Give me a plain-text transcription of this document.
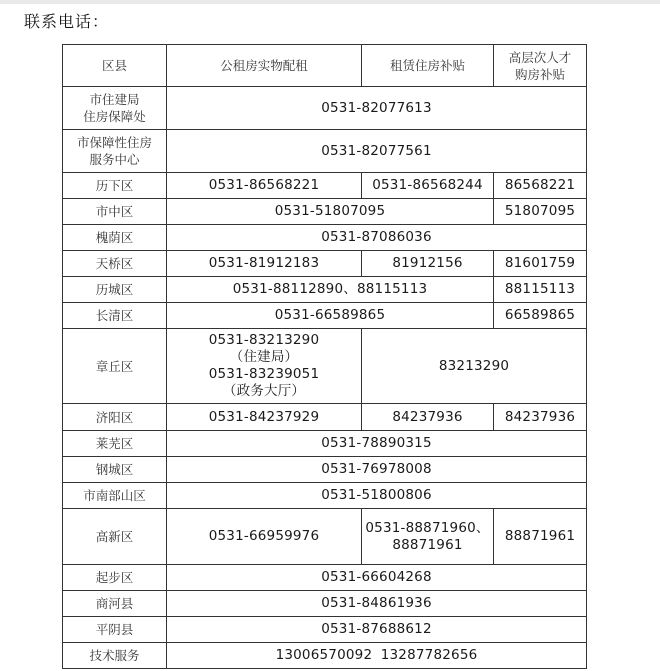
联系电话：
区县	公租房实物配租	租赁住房补贴	高层次人才
购房补贴
市住建局
住房保障处	0531-82077613		
市保障性住房
服务中心	0531-82077561		
历下区	0531-86568221	0531-86568244	86568221
市中区	0531-51807095		51807095
槐荫区	0531-87086036		
天桥区	0531-81912183	81912156	81601759
历城区	0531-88112890、88115113		88115113
长清区	0531-66589865		66589865
章丘区	0531-83213290
（住建局）
0531-83239051
（政务大厅）	83213290	
济阳区	0531-84237929	84237936	84237936
莱芜区	0531-78890315		
钢城区	0531-76978008		
市南部山区	0531-51800806		
高新区	0531-66959976	0531-88871960、
88871961	88871961
起步区	0531-66604268		
商河县	0531-84861936		
平阴县	0531-87688612		
技术服务	13006570092 13287782656		
